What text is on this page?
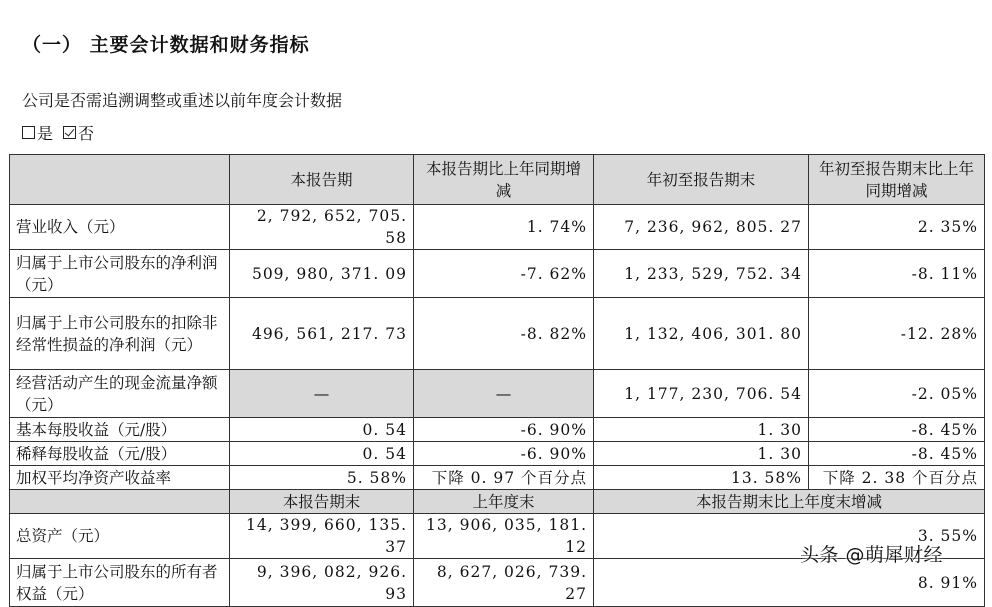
（一） 主要会计数据和财务指标
公司是否需追溯调整或重述以前年度会计数据
是 否
	本报告期	本报告期比上年同期增减	年初至报告期末	年初至报告期末比上年同期增减
营业收入（元）	2, 792, 652, 705. 58	1. 74%	7, 236, 962, 805. 27	2. 35%
归属于上市公司股东的净利润（元）	509, 980, 371. 09	-7. 62%	1, 233, 529, 752. 34	-8. 11%
归属于上市公司股东的扣除非经常性损益的净利润（元）	496, 561, 217. 73	-8. 82%	1, 132, 406, 301. 80	-12. 28%
经营活动产生的现金流量净额（元）	—	—	1, 177, 230, 706. 54	-2. 05%
基本每股收益（元/股）	0. 54	-6. 90%	1. 30	-8. 45%
稀释每股收益（元/股）	0. 54	-6. 90%	1. 30	-8. 45%
加权平均净资产收益率	5. 58%	下降 0. 97 个百分点	13. 58%	下降 2. 38 个百分点
	本报告期末	上年度末	本报告期末比上年度末增减	
总资产（元）	14, 399, 660, 135. 37	13, 906, 035, 181. 12	3. 55%	
归属于上市公司股东的所有者权益（元）	9, 396, 082, 926. 93	8, 627, 026, 739. 27	8. 91%	
头条 @萌犀财经
